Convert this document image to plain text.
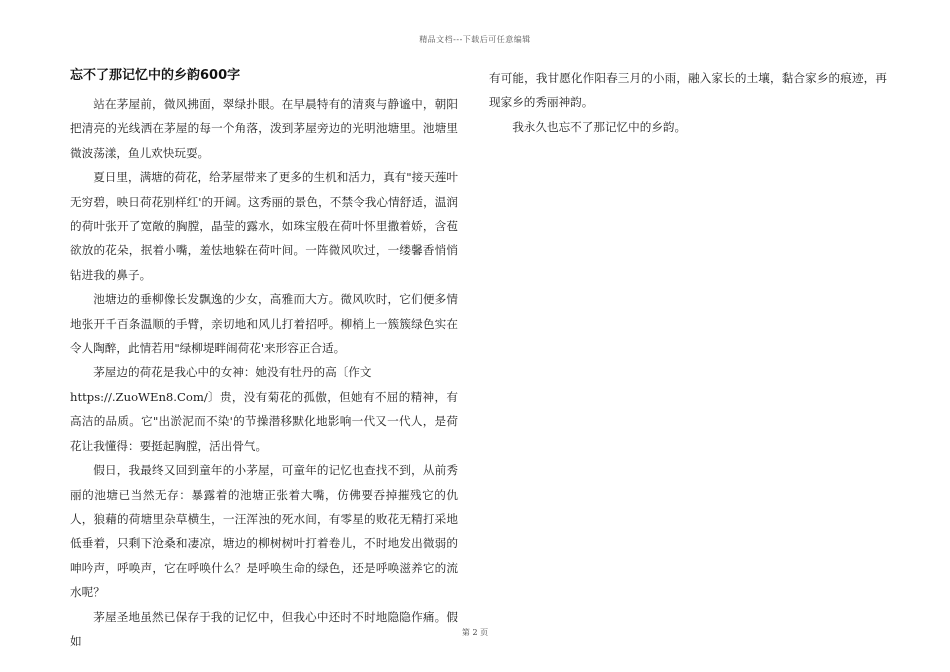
精品文档---下载后可任意编辑
忘不了那记忆中的乡韵600字

站在茅屋前，微风拂面，翠绿扑眼。在早晨特有的清爽与静谧中，朝阳把清亮的光线洒在茅屋的每一个角落，泼到茅屋旁边的光明池塘里。池塘里微波荡漾，鱼儿欢快玩耍。

夏日里，满塘的荷花，给茅屋带来了更多的生机和活力，真有"接天莲叶无穷碧，映日荷花别样红'的开阔。这秀丽的景色，不禁令我心情舒适，温润的荷叶张开了宽敞的胸膛，晶莹的露水，如珠宝般在荷叶怀里撒着娇，含苞欲放的花朵，抿着小嘴，羞怯地躲在荷叶间。一阵微风吹过，一缕馨香悄悄钻进我的鼻子。

池塘边的垂柳像长发飘逸的少女，高雅而大方。微风吹时，它们便多情地张开千百条温顺的手臂，亲切地和风儿打着招呼。柳梢上一簇簇绿色实在令人陶醉，此情若用"绿柳堤畔闹荷花'来形容正合适。

茅屋边的荷花是我心中的女神：她没有牡丹的高〔作文

https://.ZuoWEn8.Com/〕贵，没有菊花的孤傲，但她有不屈的精神，有高洁的品质。它"出淤泥而不染'的节操潜移默化地影响一代又一代人，是荷花让我懂得：要挺起胸膛，活出骨气。

假日，我最终又回到童年的小茅屋，可童年的记忆也查找不到，从前秀丽的池塘已当然无存：暴露着的池塘正张着大嘴，仿佛要吞掉摧残它的仇人，狼藉的荷塘里杂草横生，一汪浑浊的死水间，有零星的败花无精打采地低垂着，只剩下沧桑和凄凉，塘边的柳树树叶打着卷儿，不时地发出微弱的呻吟声，呼唤声，它在呼唤什么？是呼唤生命的绿色，还是呼唤滋养它的流水呢？

茅屋圣地虽然已保存于我的记忆中，但我心中还时不时地隐隐作痛。假如

有可能，我甘愿化作阳春三月的小雨，融入家长的土壤，黏合家乡的痕迹，再现家乡的秀丽神韵。

我永久也忘不了那记忆中的乡韵。

第 2 页
